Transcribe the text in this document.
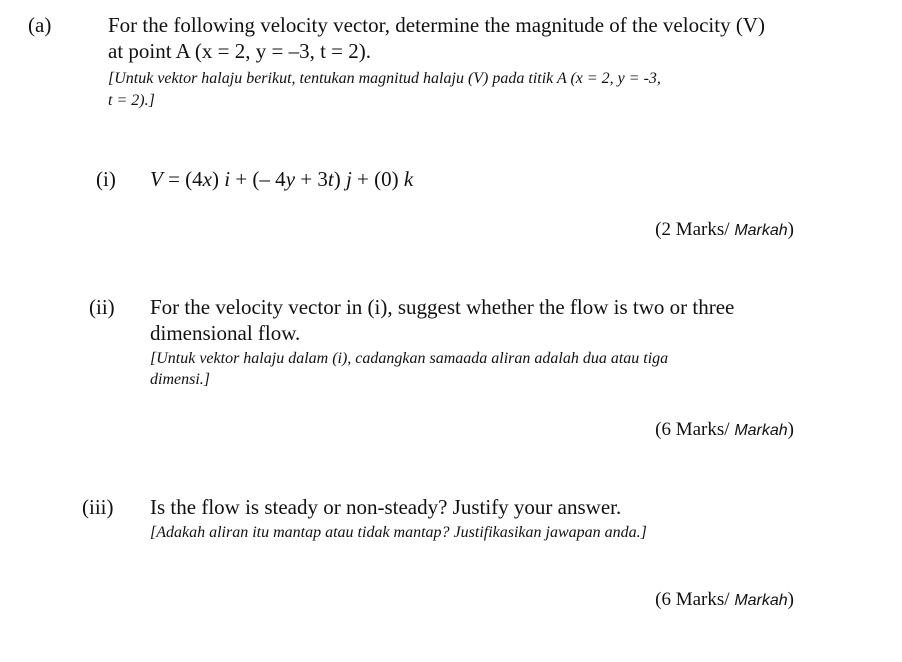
(a)	For the following velocity vector, determine the magnitude of the velocity (V)
at point A (x = 2, y = –3, t = 2).
[Untuk vektor halaju berikut, tentukan magnitud halaju (V) pada titik A (x = 2, y = -3,
t = 2).]
(i) V = (4x) i + (– 4y + 3t) j + (0) k
(2 Marks/ Markah)
(ii) For the velocity vector in (i), suggest whether the flow is two or three
dimensional flow.
[Untuk vektor halaju dalam (i), cadangkan samaada aliran adalah dua atau tiga
dimensi.]
(6 Marks/ Markah)
(iii) Is the flow is steady or non-steady? Justify your answer.
[Adakah aliran itu mantap atau tidak mantap? Justifikasikan jawapan anda.]
(6 Marks/ Markah)
